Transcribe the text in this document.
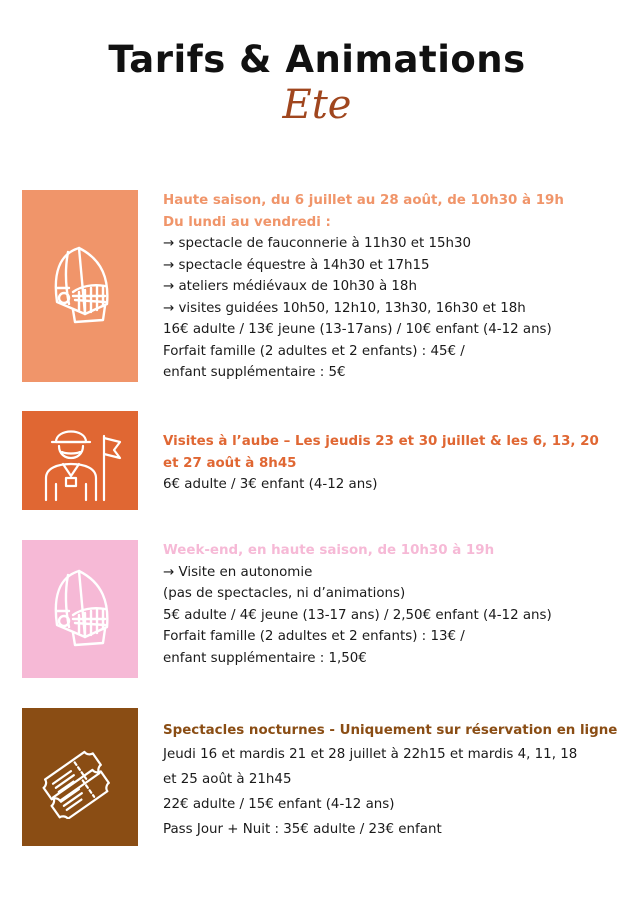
Tarifs & Animations
Ete
Haute saison, du 6 juillet au 28 août, de 10h30 à 19h
Du lundi au vendredi :
→ spectacle de fauconnerie à 11h30 et 15h30
→ spectacle équestre à 14h30 et 17h15
→ ateliers médiévaux de 10h30 à 18h
→ visites guidées 10h50, 12h10, 13h30, 16h30 et 18h
16€ adulte / 13€ jeune (13-17ans) / 10€ enfant (4-12 ans)
Forfait famille (2 adultes et 2 enfants) : 45€ /
enfant supplémentaire : 5€
Visites à l’aube – Les jeudis 23 et 30 juillet & les 6, 13, 20
et 27 août à 8h45
6€ adulte / 3€ enfant (4-12 ans)
Week-end, en haute saison, de 10h30 à 19h
→ Visite en autonomie
(pas de spectacles, ni d’animations)
5€ adulte / 4€ jeune (13-17 ans) / 2,50€ enfant (4-12 ans)
Forfait famille (2 adultes et 2 enfants) : 13€ /
enfant supplémentaire : 1,50€
Spectacles nocturnes - Uniquement sur réservation en ligne
Jeudi 16 et mardis 21 et 28 juillet à 22h15 et mardis 4, 11, 18
et 25 août à 21h45
22€ adulte / 15€ enfant (4-12 ans)
Pass Jour + Nuit : 35€ adulte / 23€ enfant
